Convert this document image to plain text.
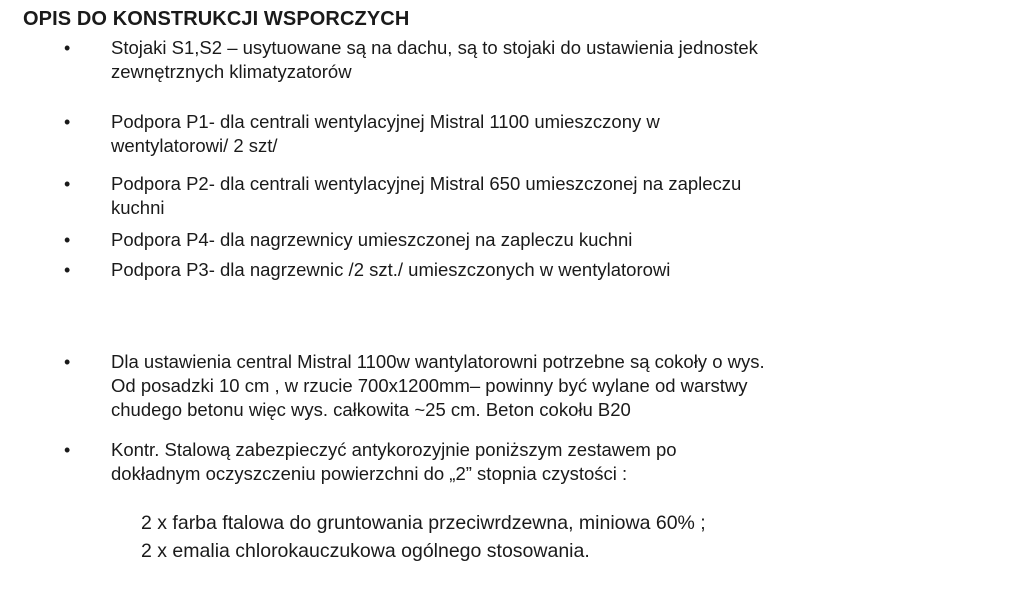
OPIS DO KONSTRUKCJI WSPORCZYCH
• Stojaki S1,S2 – usytuowane są na dachu, są to stojaki do ustawienia jednostek
zewnętrznych klimatyzatorów
• Podpora P1- dla centrali wentylacyjnej Mistral 1100 umieszczony w
wentylatorowi/ 2 szt/
• Podpora P2- dla centrali wentylacyjnej Mistral 650 umieszczonej na zapleczu
kuchni
• Podpora P4- dla nagrzewnicy umieszczonej na zapleczu kuchni
• Podpora P3- dla nagrzewnic /2 szt./ umieszczonych w wentylatorowi
• Dla ustawienia central Mistral 1100w wantylatorowni potrzebne są cokoły o wys.
Od posadzki 10 cm , w rzucie 700x1200mm– powinny być wylane od warstwy
chudego betonu więc wys. całkowita ~25 cm. Beton cokołu B20
• Kontr. Stalową zabezpieczyć antykorozyjnie poniższym zestawem po
dokładnym oczyszczeniu powierzchni do „2” stopnia czystości :
2 x farba ftalowa do gruntowania przeciwrdzewna, miniowa 60% ;
2 x emalia chlorokauczukowa ogólnego stosowania.
